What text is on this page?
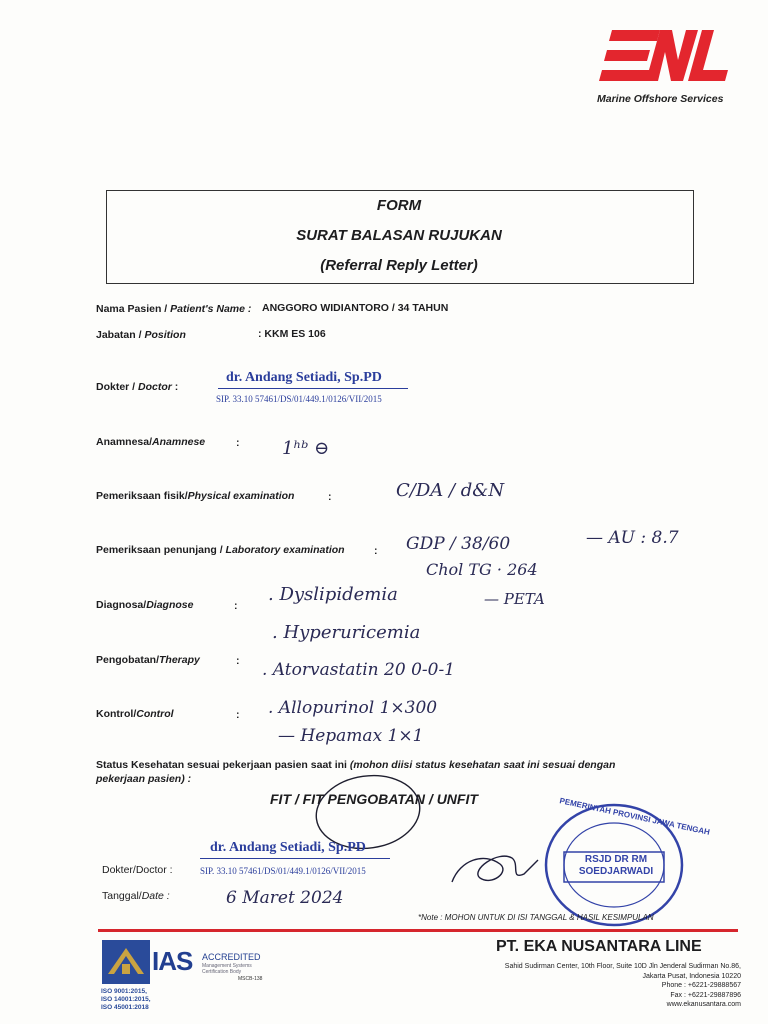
Marine Offshore Services
FORM
SURAT BALASAN RUJUKAN
(Referral Reply Letter)
Nama Pasien / Patient's Name : ANGGORO WIDIANTORO / 34 TAHUN
Jabatan / Position	: KKM ES 106
Dokter / Doctor :
dr. Andang Setiadi, Sp.PD
SIP. 33.10 57461/DS/01/449.1/0126/VII/2015
Anamnesa/Anamnese	: 1ʰᵇ ⊖
Pemeriksaan fisik/Physical examination	:	C/DA / d&N
Pemeriksaan penunjang / Laboratory examination	: GDP / 38/60	— AU : 8.7
Chol TG · 264
Diagnosa/Diagnose	:
. Dyslipidemia	— PETA
. Hyperuricemia
Pengobatan/Therapy	: . Atorvastatin 20 0-0-1
Kontrol/Control	: . Allopurinol 1×300
— Hepamax 1×1
Status Kesehatan sesuai pekerjaan pasien saat ini (mohon diisi status kesehatan saat ini sesuai dengan pekerjaan pasien) :
FIT / FIT PENGOBATAN / UNFIT
dr. Andang Setiadi, Sp.PD
SIP. 33.10 57461/DS/01/449.1/0126/VII/2015
Dokter/Doctor :
Tanggal/Date :	6 Maret 2024
RSJD DR RM
SOEDJARWADI
PEMERINTAH PROVINSI JAWA TENGAH
*Note : MOHON UNTUK DI ISI TANGGAL & HASIL KESIMPULAN
IAS ACCREDITED
Management Systems Certification Body
MSCB-138
ISO 9001:2015,
ISO 14001:2015,
ISO 45001:2018
PT. EKA NUSANTARA LINE
Sahid Sudirman Center, 10th Floor, Suite 10D Jln Jenderal Sudirman No.86,
Jakarta Pusat, Indonesia 10220
Phone : +6221-29888567
Fax : +6221-29887896
www.ekanusantara.com
